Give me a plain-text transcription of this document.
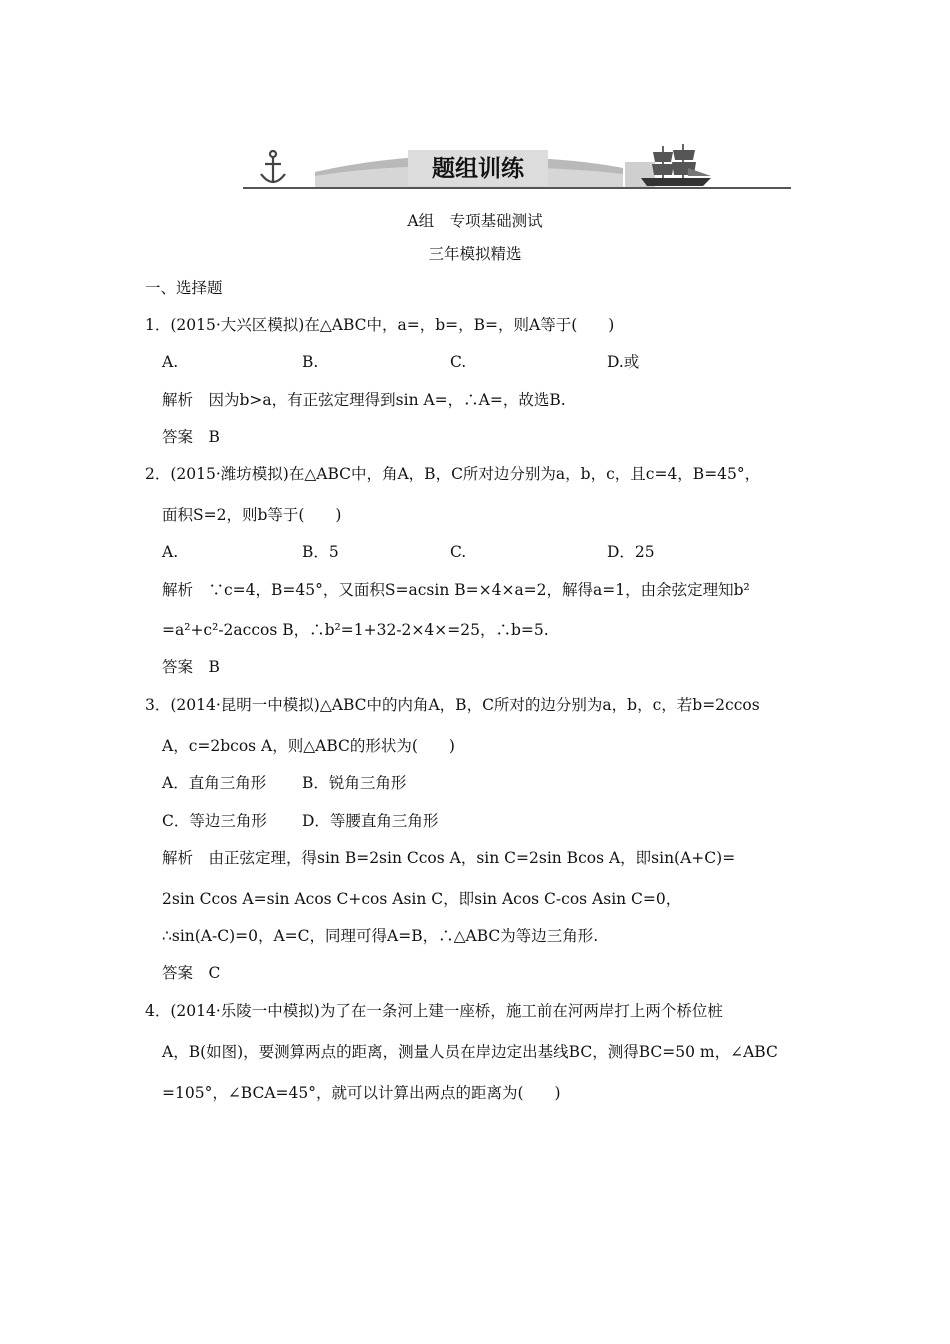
题组训练
A组　专项基础测试
三年模拟精选
一、选择题
1．(2015·大兴区模拟)在△ABC中，a=，b=，B=，则A等于(　　)
A.	B.	C.	D.或
解析　因为b>a，有正弦定理得到sin A=，∴A=，故选B.
答案　B
2．(2015·潍坊模拟)在△ABC中，角A，B，C所对边分别为a，b，c，且c=4，B=45°，
面积S=2，则b等于(　　)
A.	B．5	C.	D．25
解析　∵c=4，B=45°，又面积S=acsin B=×4×a=2，解得a=1，由余弦定理知b²
=a²+c²-2accos B，∴b²=1+32-2×4×=25，∴b=5.
答案　B
3．(2014·昆明一中模拟)△ABC中的内角A，B，C所对的边分别为a，b，c，若b=2ccos
A，c=2bcos A，则△ABC的形状为(　　)
A．直角三角形 B．锐角三角形
C．等边三角形 D．等腰直角三角形
解析　由正弦定理，得sin B=2sin Ccos A，sin C=2sin Bcos A，即sin(A+C)=
2sin Ccos A=sin Acos C+cos Asin C，即sin Acos C-cos Asin C=0，
∴sin(A-C)=0，A=C，同理可得A=B，∴△ABC为等边三角形.
答案　C
4．(2014·乐陵一中模拟)为了在一条河上建一座桥，施工前在河两岸打上两个桥位桩
A，B(如图)，要测算两点的距离，测量人员在岸边定出基线BC，测得BC=50 m，∠ABC
=105°，∠BCA=45°，就可以计算出两点的距离为(　　)
